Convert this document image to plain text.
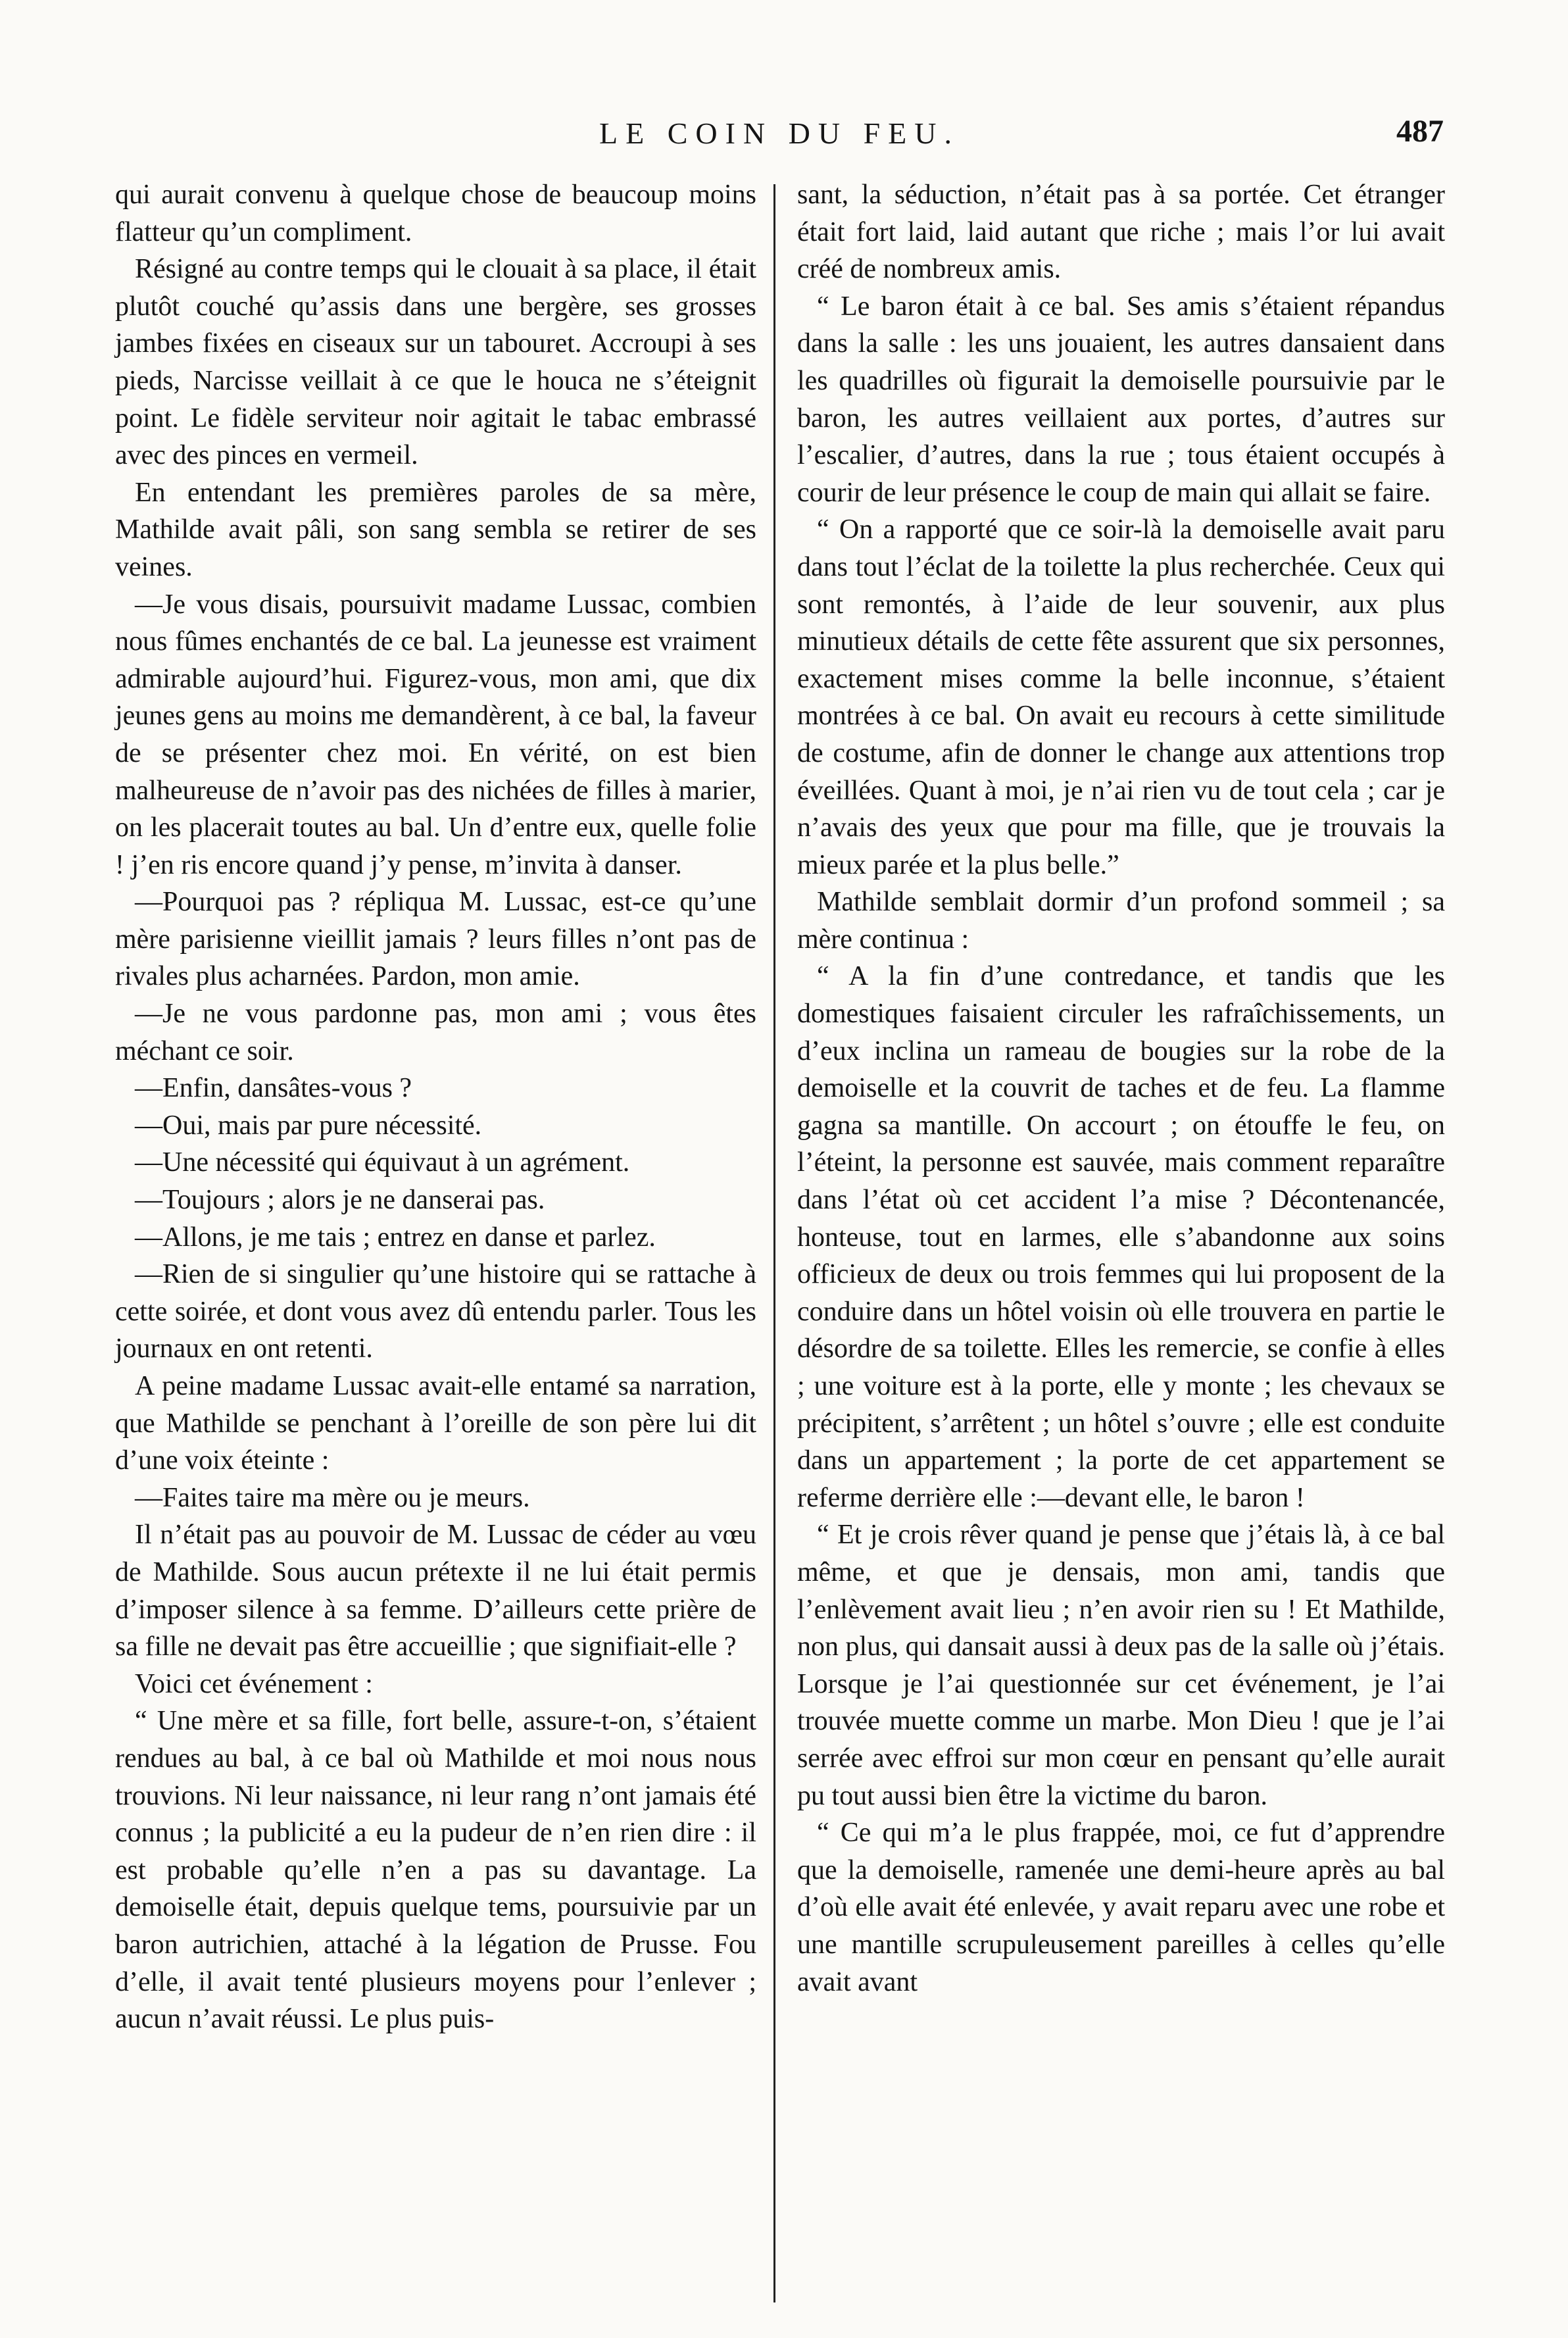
LE COIN DU FEU.	487

qui aurait convenu à quelque chose de beaucoup moins flatteur qu’un compliment.

Résigné au contre temps qui le clouait à sa place, il était plutôt couché qu’assis dans une bergère, ses grosses jambes fixées en ciseaux sur un tabouret. Accroupi à ses pieds, Narcisse veillait à ce que le houca ne s’éteignit point. Le fidèle serviteur noir agitait le tabac embrassé avec des pinces en vermeil.

En entendant les premières paroles de sa mère, Mathilde avait pâli, son sang sembla se retirer de ses veines.

—Je vous disais, poursuivit madame Lussac, combien nous fûmes enchantés de ce bal. La jeunesse est vraiment admirable aujourd’hui. Figurez-vous, mon ami, que dix jeunes gens au moins me demandèrent, à ce bal, la faveur de se présenter chez moi. En vérité, on est bien malheureuse de n’avoir pas des nichées de filles à marier, on les placerait toutes au bal. Un d’entre eux, quelle folie ! j’en ris encore quand j’y pense, m’invita à danser.

—Pourquoi pas ? répliqua M. Lussac, est-ce qu’une mère parisienne vieillit jamais ? leurs filles n’ont pas de rivales plus acharnées. Pardon, mon amie.

—Je ne vous pardonne pas, mon ami ; vous êtes méchant ce soir.

—Enfin, dansâtes-vous ?

—Oui, mais par pure nécessité.

—Une nécessité qui équivaut à un agrément.

—Toujours ; alors je ne danserai pas.

—Allons, je me tais ; entrez en danse et parlez.

—Rien de si singulier qu’une histoire qui se rattache à cette soirée, et dont vous avez dû entendu parler. Tous les journaux en ont retenti.

A peine madame Lussac avait-elle entamé sa narration, que Mathilde se penchant à l’oreille de son père lui dit d’une voix éteinte :

—Faites taire ma mère ou je meurs.

Il n’était pas au pouvoir de M. Lussac de céder au vœu de Mathilde. Sous aucun prétexte il ne lui était permis d’imposer silence à sa femme. D’ailleurs cette prière de sa fille ne devait pas être accueillie ; que signifiait-elle ?

Voici cet événement :

“ Une mère et sa fille, fort belle, assure-t-on, s’étaient rendues au bal, à ce bal où Mathilde et moi nous nous trouvions. Ni leur naissance, ni leur rang n’ont jamais été connus ; la publicité a eu la pudeur de n’en rien dire : il est probable qu’elle n’en a pas su davantage. La demoiselle était, depuis quelque tems, poursuivie par un baron autrichien, attaché à la légation de Prusse. Fou d’elle, il avait tenté plusieurs moyens pour l’enlever ; aucun n’avait réussi. Le plus puis-

sant, la séduction, n’était pas à sa portée. Cet étranger était fort laid, laid autant que riche ; mais l’or lui avait créé de nombreux amis.

“ Le baron était à ce bal. Ses amis s’étaient répandus dans la salle : les uns jouaient, les autres dansaient dans les quadrilles où figurait la demoiselle poursuivie par le baron, les autres veillaient aux portes, d’autres sur l’escalier, d’autres, dans la rue ; tous étaient occupés à courir de leur présence le coup de main qui allait se faire.

“ On a rapporté que ce soir-là la demoiselle avait paru dans tout l’éclat de la toilette la plus recherchée. Ceux qui sont remontés, à l’aide de leur souvenir, aux plus minutieux détails de cette fête assurent que six personnes, exactement mises comme la belle inconnue, s’étaient montrées à ce bal. On avait eu recours à cette similitude de costume, afin de donner le change aux attentions trop éveillées. Quant à moi, je n’ai rien vu de tout cela ; car je n’avais des yeux que pour ma fille, que je trouvais la mieux parée et la plus belle.”

Mathilde semblait dormir d’un profond sommeil ; sa mère continua :

“ A la fin d’une contredance, et tandis que les domestiques faisaient circuler les rafraîchissements, un d’eux inclina un rameau de bougies sur la robe de la demoiselle et la couvrit de taches et de feu. La flamme gagna sa mantille. On accourt ; on étouffe le feu, on l’éteint, la personne est sauvée, mais comment reparaître dans l’état où cet accident l’a mise ? Décontenancée, honteuse, tout en larmes, elle s’abandonne aux soins officieux de deux ou trois femmes qui lui proposent de la conduire dans un hôtel voisin où elle trouvera en partie le désordre de sa toilette. Elles les remercie, se confie à elles ; une voiture est à la porte, elle y monte ; les chevaux se précipitent, s’arrêtent ; un hôtel s’ouvre ; elle est conduite dans un appartement ; la porte de cet appartement se referme derrière elle :—devant elle, le baron !

“ Et je crois rêver quand je pense que j’étais là, à ce bal même, et que je densais, mon ami, tandis que l’enlèvement avait lieu ; n’en avoir rien su ! Et Mathilde, non plus, qui dansait aussi à deux pas de la salle où j’étais. Lorsque je l’ai questionnée sur cet événement, je l’ai trouvée muette comme un marbe. Mon Dieu ! que je l’ai serrée avec effroi sur mon cœur en pensant qu’elle aurait pu tout aussi bien être la victime du baron.

“ Ce qui m’a le plus frappée, moi, ce fut d’apprendre que la demoiselle, ramenée une demi-heure après au bal d’où elle avait été enlevée, y avait reparu avec une robe et une mantille scrupuleusement pareilles à celles qu’elle avait avant
